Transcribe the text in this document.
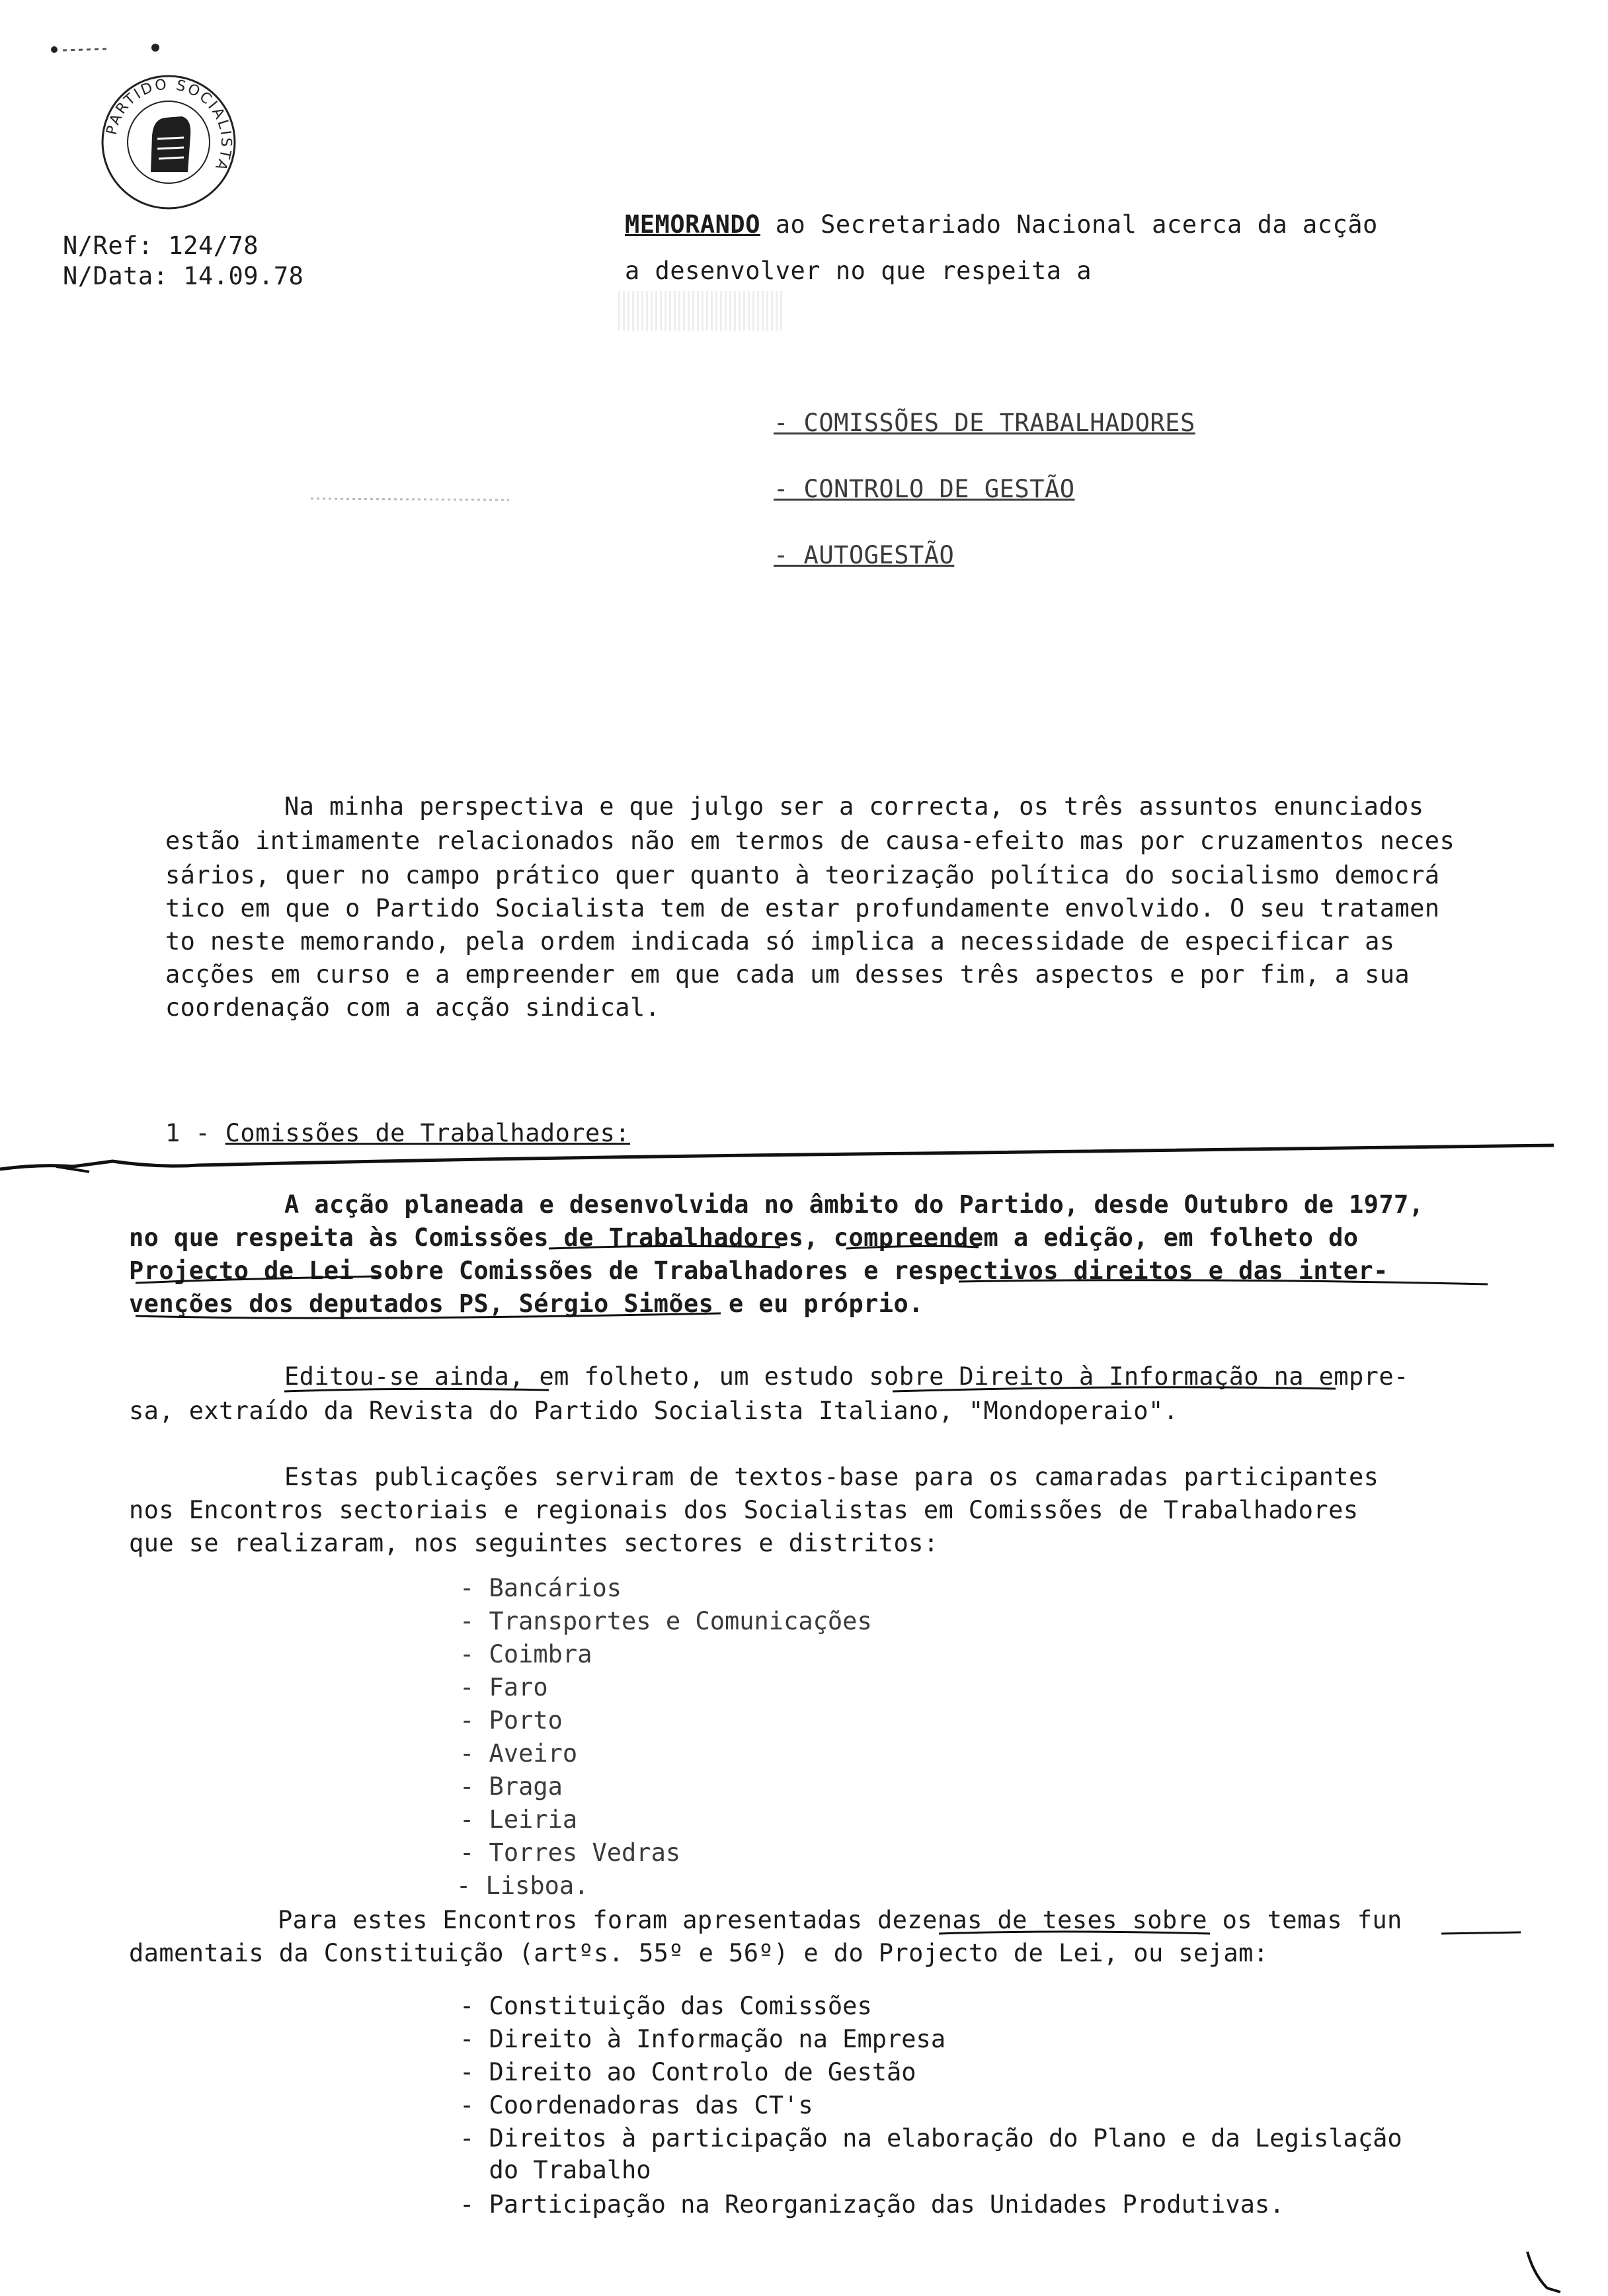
PARTIDO SOCIALISTA
N/Ref: 124/78
N/Data: 14.09.78
MEMORANDO ao Secretariado Nacional acerca da acção
a desenvolver no que respeita a
- COMISSÕES DE TRABALHADORES
- CONTROLO DE GESTÃO
- AUTOGESTÃO
Na minha perspectiva e que julgo ser a correcta, os três assuntos enunciados
estão intimamente relacionados não em termos de causa-efeito mas por cruzamentos neces
sários, quer no campo prático quer quanto à teorização política do socialismo democrá
tico em que o Partido Socialista tem de estar profundamente envolvido. O seu tratamen
to neste memorando, pela ordem indicada só implica a necessidade de especificar as
acções em curso e a empreender em que cada um desses três aspectos e por fim, a sua
coordenação com a acção sindical.
1 - Comissões de Trabalhadores:
A acção planeada e desenvolvida no âmbito do Partido, desde Outubro de 1977,
no que respeita às Comissões de Trabalhadores, compreendem a edição, em folheto do
Projecto de Lei sobre Comissões de Trabalhadores e respectivos direitos e das inter-
venções dos deputados PS, Sérgio Simões e eu próprio.
Editou-se ainda, em folheto, um estudo sobre Direito à Informação na empre-
sa, extraído da Revista do Partido Socialista Italiano, "Mondoperaio".
Estas publicações serviram de textos-base para os camaradas participantes
nos Encontros sectoriais e regionais dos Socialistas em Comissões de Trabalhadores
que se realizaram, nos seguintes sectores e distritos:
- Bancários
- Transportes e Comunicações
- Coimbra
- Faro
- Porto
- Aveiro
- Braga
- Leiria
- Torres Vedras
- Lisboa.
Para estes Encontros foram apresentadas dezenas de teses sobre os temas fun
damentais da Constituição (artºs. 55º e 56º) e do Projecto de Lei, ou sejam:
- Constituição das Comissões
- Direito à Informação na Empresa
- Direito ao Controlo de Gestão
- Coordenadoras das CT's
- Direitos à participação na elaboração do Plano e da Legislação
do Trabalho
- Participação na Reorganização das Unidades Produtivas.
